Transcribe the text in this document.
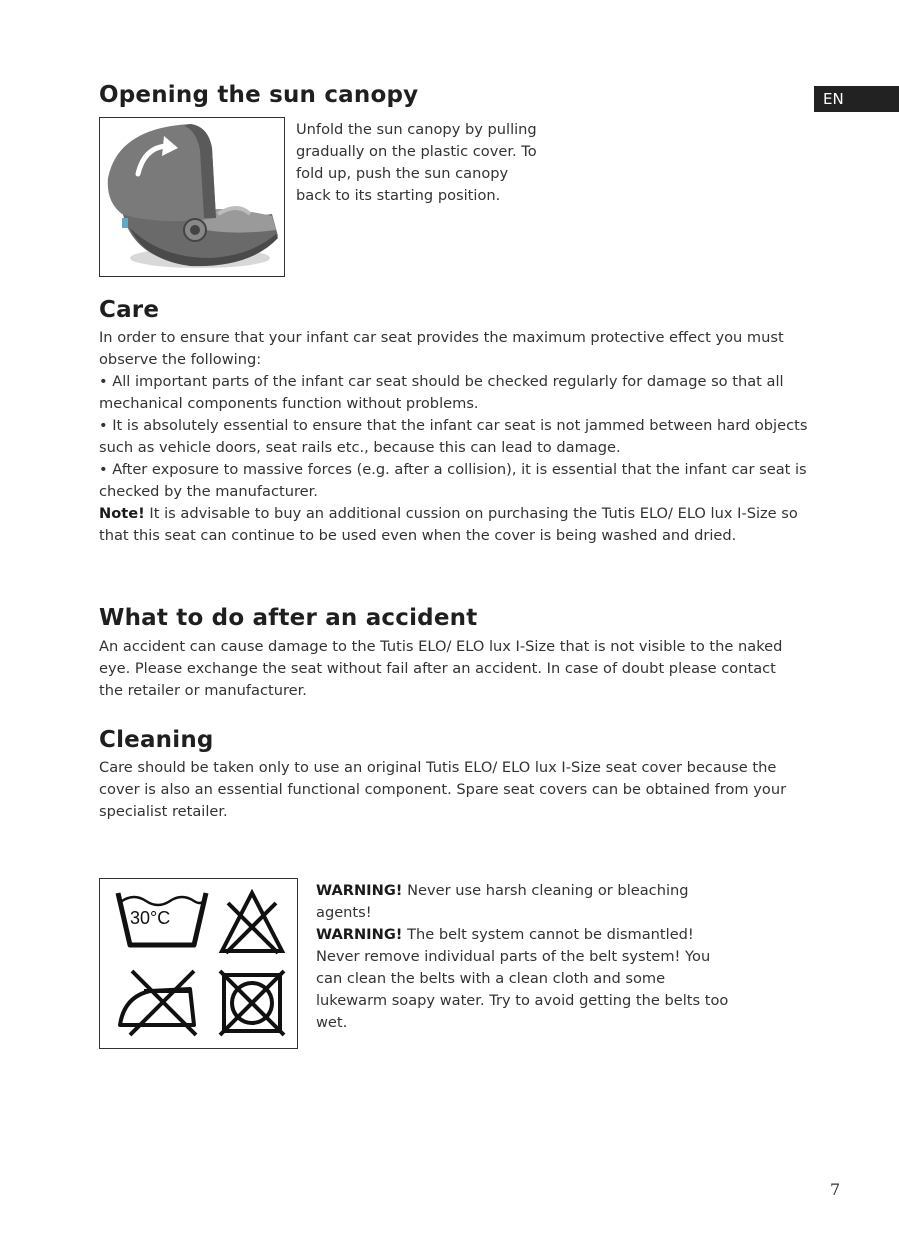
EN
Opening the sun canopy

Unfold the sun canopy by pulling gradually on the plastic cover. To fold up, push the sun canopy back to its starting position.

Care
In order to ensure that your infant car seat provides the maximum protective effect you must observe the following:
• All important parts of the infant car seat should be checked regularly for damage so that all mechanical components function without problems.
• It is absolutely essential to ensure that the infant car seat is not jammed between hard objects such as vehicle doors, seat rails etc., because this can lead to damage.
• After exposure to massive forces (e.g. after a collision), it is essential that the infant car seat is checked by the manufacturer.
Note! It is advisable to buy an additional cussion on purchasing the Tutis ELO/ ELO lux I-Size so that this seat can continue to be used even when the cover is being washed and dried.
What to do after an accident

An accident can cause damage to the Tutis ELO/ ELO lux I-Size that is not visible to the naked eye. Please exchange the seat without fail after an accident. In case of doubt please contact the retailer or manufacturer.

Cleaning

Care should be taken only to use an original Tutis ELO/ ELO lux I-Size seat cover because the cover is also an essential functional component. Spare seat covers can be obtained from your specialist retailer.

30°C
WARNING! Never use harsh cleaning or bleaching agents!
WARNING! The belt system cannot be dismantled! Never remove individual parts of the belt system! You can clean the belts with a clean cloth and some lukewarm soapy water. Try to avoid getting the belts too wet.
7
